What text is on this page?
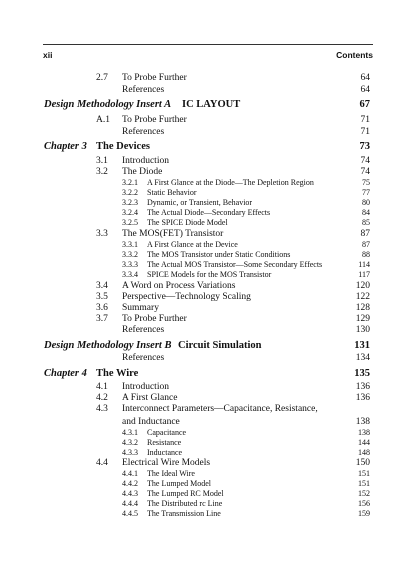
xii	Contents
2.7 To Probe Further	64
References	64
Design Methodology Insert A IC LAYOUT	67
A.1 To Probe Further	71
References	71
Chapter 3 The Devices	73
3.1 Introduction	74
3.2 The Diode	74
3.2.1 A First Glance at the Diode—The Depletion Region	75
3.2.2 Static Behavior	77
3.2.3 Dynamic, or Transient, Behavior	80
3.2.4 The Actual Diode—Secondary Effects	84
3.2.5 The SPICE Diode Model	85
3.3 The MOS(FET) Transistor	87
3.3.1 A First Glance at the Device	87
3.3.2 The MOS Transistor under Static Conditions	88
3.3.3 The Actual MOS Transistor—Some Secondary Effects	114
3.3.4 SPICE Models for the MOS Transistor	117
3.4 A Word on Process Variations	120
3.5 Perspective—Technology Scaling	122
3.6 Summary	128
3.7 To Probe Further	129
References	130
Design Methodology Insert B Circuit Simulation	131
References	134
Chapter 4 The Wire	135
4.1 Introduction	136
4.2 A First Glance	136
4.3 Interconnect Parameters—Capacitance, Resistance,
and Inductance	138
4.3.1 Capacitance	138
4.3.2 Resistance	144
4.3.3 Inductance	148
4.4 Electrical Wire Models	150
4.4.1 The Ideal Wire	151
4.4.2 The Lumped Model	151
4.4.3 The Lumped RC Model	152
4.4.4 The Distributed rc Line	156
4.4.5 The Transmission Line	159
